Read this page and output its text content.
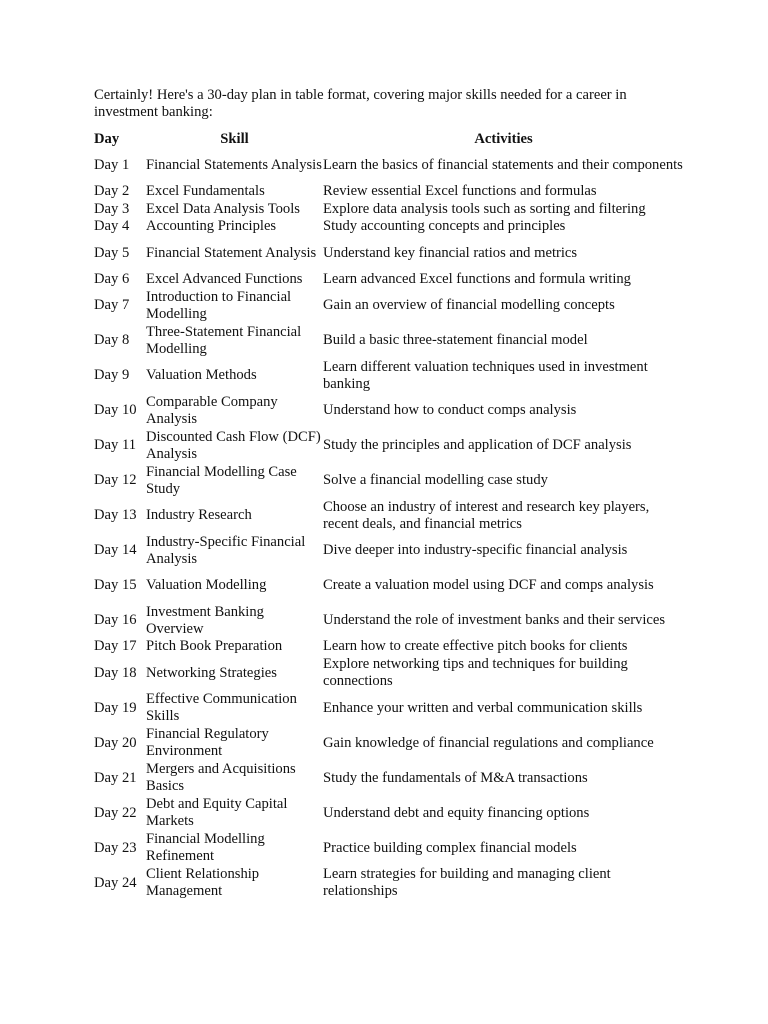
Certainly! Here's a 30-day plan in table format, covering major skills needed for a career in investment banking:

Day	Skill	Activities
Day 1	Financial Statements Analysis	Learn the basics of financial statements and their components
Day 2	Excel Fundamentals	Review essential Excel functions and formulas
Day 3	Excel Data Analysis Tools	Explore data analysis tools such as sorting and filtering
Day 4	Accounting Principles	Study accounting concepts and principles
Day 5	Financial Statement Analysis	Understand key financial ratios and metrics
Day 6	Excel Advanced Functions	Learn advanced Excel functions and formula writing
Day 7	Introduction to Financial Modelling	Gain an overview of financial modelling concepts
Day 8	Three-Statement Financial Modelling	Build a basic three-statement financial model
Day 9	Valuation Methods	Learn different valuation techniques used in investment banking
Day 10	Comparable Company Analysis	Understand how to conduct comps analysis
Day 11	Discounted Cash Flow (DCF) Analysis	Study the principles and application of DCF analysis
Day 12	Financial Modelling Case Study	Solve a financial modelling case study
Day 13	Industry Research	Choose an industry of interest and research key players, recent deals, and financial metrics
Day 14	Industry-Specific Financial Analysis	Dive deeper into industry-specific financial analysis
Day 15	Valuation Modelling	Create a valuation model using DCF and comps analysis
Day 16	Investment Banking Overview	Understand the role of investment banks and their services
Day 17	Pitch Book Preparation	Learn how to create effective pitch books for clients
Day 18	Networking Strategies	Explore networking tips and techniques for building connections
Day 19	Effective Communication Skills	Enhance your written and verbal communication skills
Day 20	Financial Regulatory Environment	Gain knowledge of financial regulations and compliance
Day 21	Mergers and Acquisitions Basics	Study the fundamentals of M&A transactions
Day 22	Debt and Equity Capital Markets	Understand debt and equity financing options
Day 23	Financial Modelling Refinement	Practice building complex financial models
Day 24	Client Relationship Management	Learn strategies for building and managing client relationships
